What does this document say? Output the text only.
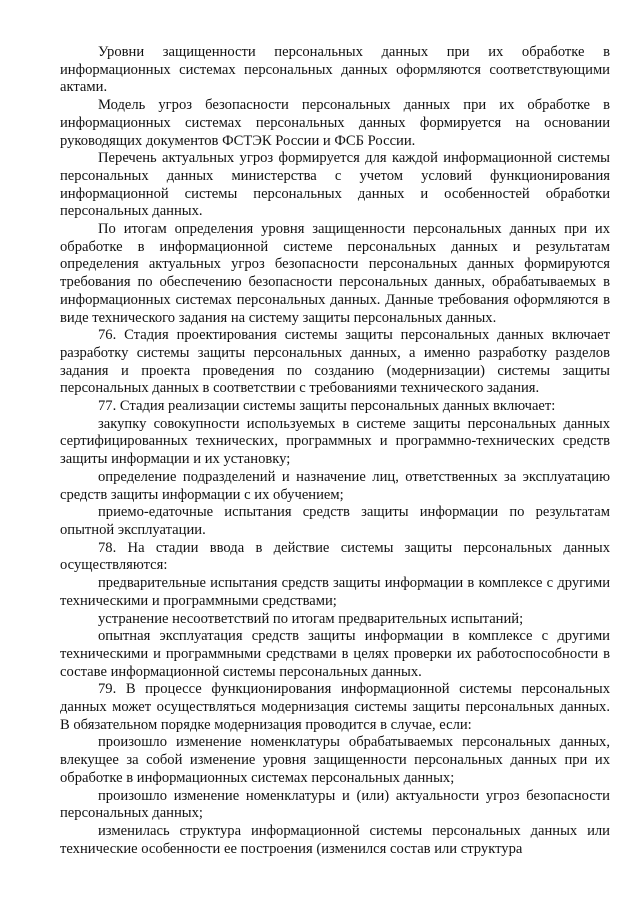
Уровни защищенности персональных данных при их обработке в информационных системах персональных данных оформляются соответствующими актами.

Модель угроз безопасности персональных данных при их обработке в информационных системах персональных данных формируется на основании руководящих документов ФСТЭК России и ФСБ России.

Перечень актуальных угроз формируется для каждой информационной системы персональных данных министерства с учетом условий функционирования информационной системы персональных данных и особенностей обработки персональных данных.

По итогам определения уровня защищенности персональных данных при их обработке в информационной системе персональных данных и результатам определения актуальных угроз безопасности персональных данных формируются требования по обеспечению безопасности персональных данных, обрабатываемых в информационных системах персональных данных. Данные требования оформляются в виде технического задания на систему защиты персональных данных.

76. Стадия проектирования системы защиты персональных данных включает разработку системы защиты персональных данных, а именно разработку разделов задания и проекта проведения по созданию (модернизации) системы защиты персональных данных в соответствии с требованиями технического задания.

77. Стадия реализации системы защиты персональных данных включает:

закупку совокупности используемых в системе защиты персональных данных сертифицированных технических, программных и программно-технических средств защиты информации и их установку;

определение подразделений и назначение лиц, ответственных за эксплуатацию средств защиты информации с их обучением;

приемо-едаточные испытания средств защиты информации по результатам опытной эксплуатации.

78. На стадии ввода в действие системы защиты персональных данных осуществляются:

предварительные испытания средств защиты информации в комплексе с другими техническими и программными средствами;

устранение несоответствий по итогам предварительных испытаний;

опытная эксплуатация средств защиты информации в комплексе с другими техническими и программными средствами в целях проверки их работоспособности в составе информационной системы персональных данных.

79. В процессе функционирования информационной системы персональных данных может осуществляться модернизация системы защиты персональных данных. В обязательном порядке модернизация проводится в случае, если:

произошло изменение номенклатуры обрабатываемых персональных данных, влекущее за собой изменение уровня защищенности персональных данных при их обработке в информационных системах персональных данных;

произошло изменение номенклатуры и (или) актуальности угроз безопасности персональных данных;

изменилась структура информационной системы персональных данных или технические особенности ее построения (изменился состав или структура
